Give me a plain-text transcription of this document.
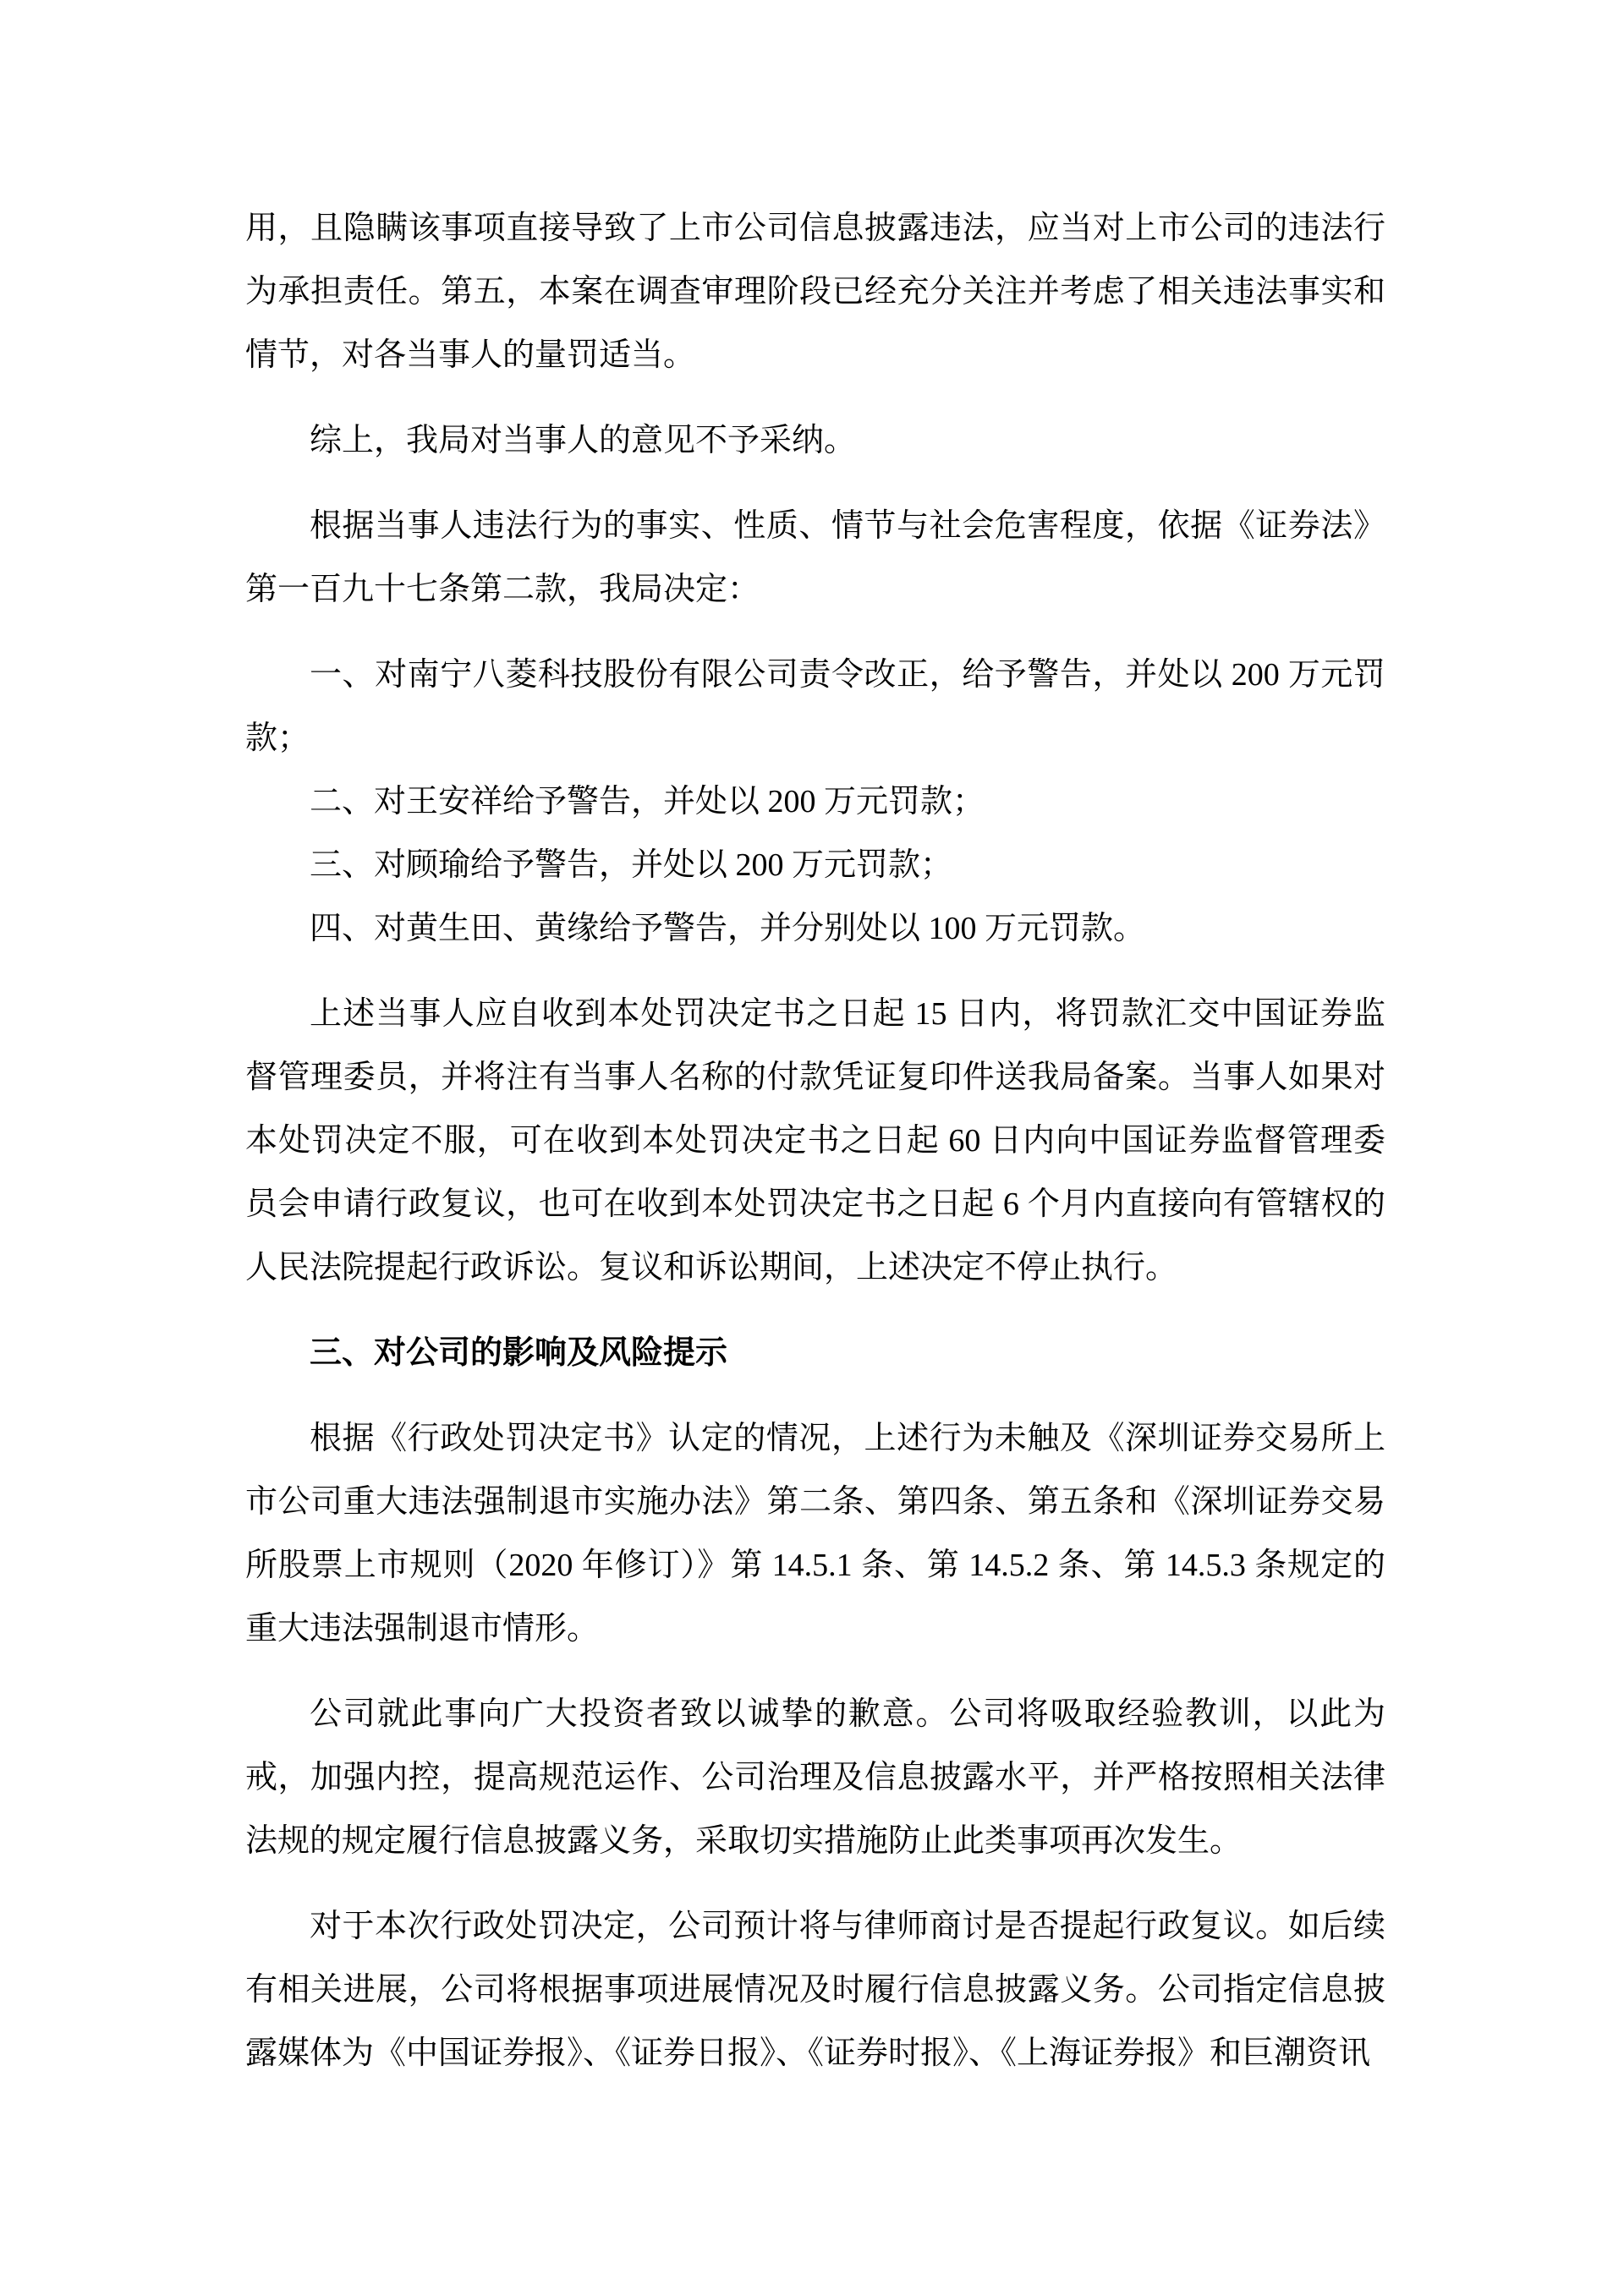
用，且隐瞒该事项直接导致了上市公司信息披露违法，应当对上市公司的违法行为承担责任。第五，本案在调查审理阶段已经充分关注并考虑了相关违法事实和情节，对各当事人的量罚适当。

综上，我局对当事人的意见不予采纳。

根据当事人违法行为的事实、性质、情节与社会危害程度，依据《证券法》第一百九十七条第二款，我局决定：

一、对南宁八菱科技股份有限公司责令改正，给予警告，并处以 200 万元罚款；

二、对王安祥给予警告，并处以 200 万元罚款；

三、对顾瑜给予警告，并处以 200 万元罚款；

四、对黄生田、黄缘给予警告，并分别处以 100 万元罚款。

上述当事人应自收到本处罚决定书之日起 15 日内，将罚款汇交中国证券监督管理委员，并将注有当事人名称的付款凭证复印件送我局备案。当事人如果对本处罚决定不服，可在收到本处罚决定书之日起 60 日内向中国证券监督管理委员会申请行政复议，也可在收到本处罚决定书之日起 6 个月内直接向有管辖权的人民法院提起行政诉讼。复议和诉讼期间，上述决定不停止执行。

三、对公司的影响及风险提示

根据《行政处罚决定书》认定的情况，上述行为未触及《深圳证券交易所上市公司重大违法强制退市实施办法》第二条、第四条、第五条和《深圳证券交易所股票上市规则（2020 年修订）》第 14.5.1 条、第 14.5.2 条、第 14.5.3 条规定的重大违法强制退市情形。

公司就此事向广大投资者致以诚挚的歉意。公司将吸取经验教训，以此为戒，加强内控，提高规范运作、公司治理及信息披露水平，并严格按照相关法律法规的规定履行信息披露义务，采取切实措施防止此类事项再次发生。

对于本次行政处罚决定，公司预计将与律师商讨是否提起行政复议。如后续有相关进展，公司将根据事项进展情况及时履行信息披露义务。公司指定信息披露媒体为《中国证券报》、《证券日报》、《证券时报》、《上海证券报》和巨潮资讯
